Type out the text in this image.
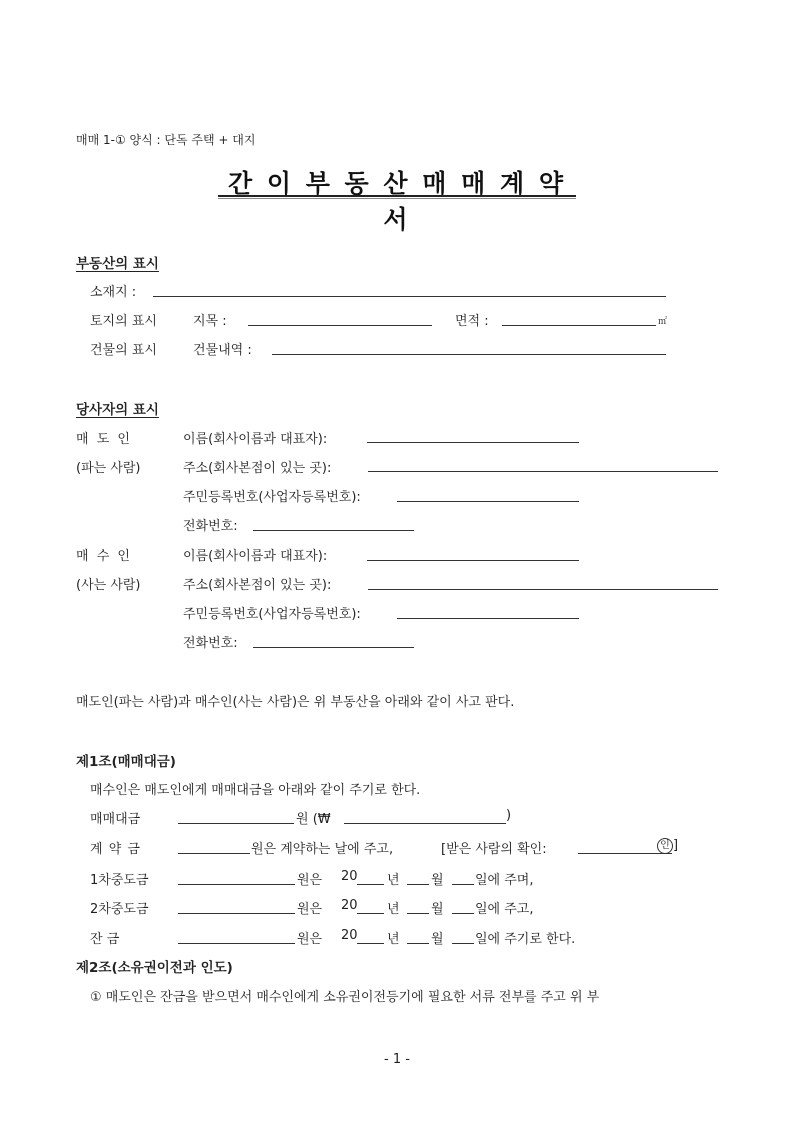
매매 1-① 양식 : 단독 주택 + 대지
간 이 부 동 산 매 매 계 약 서
부동산의 표시
소재지 :
토지의 표시	지목 :	면적 :	㎡
건물의 표시	건물내역 :
당사자의 표시
매 도 인	이름(회사이름과 대표자):
(파는 사람)	주소(회사본점이 있는 곳):
주민등록번호(사업자등록번호):
전화번호:
매 수 인	이름(회사이름과 대표자):
(사는 사람)	주소(회사본점이 있는 곳):
주민등록번호(사업자등록번호):
전화번호:
매도인(파는 사람)과 매수인(사는 사람)은 위 부동산을 아래와 같이 사고 판다.
제1조(매매대금)
매수인은 매도인에게 매매대금을 아래와 같이 주기로 한다.
매매대금	원 (₩	)
계 약 금	원은 계약하는 날에 주고,	[받은 사람의 확인:	인 ]
1차중도금	원은 20 년 월 일에 주며,
2차중도금	원은 20 년 월 일에 주고,
잔 금	원은 20 년 월 일에 주기로 한다.
제2조(소유권이전과 인도)
① 매도인은 잔금을 받으면서 매수인에게 소유권이전등기에 필요한 서류 전부를 주고 위 부
- 1 -
